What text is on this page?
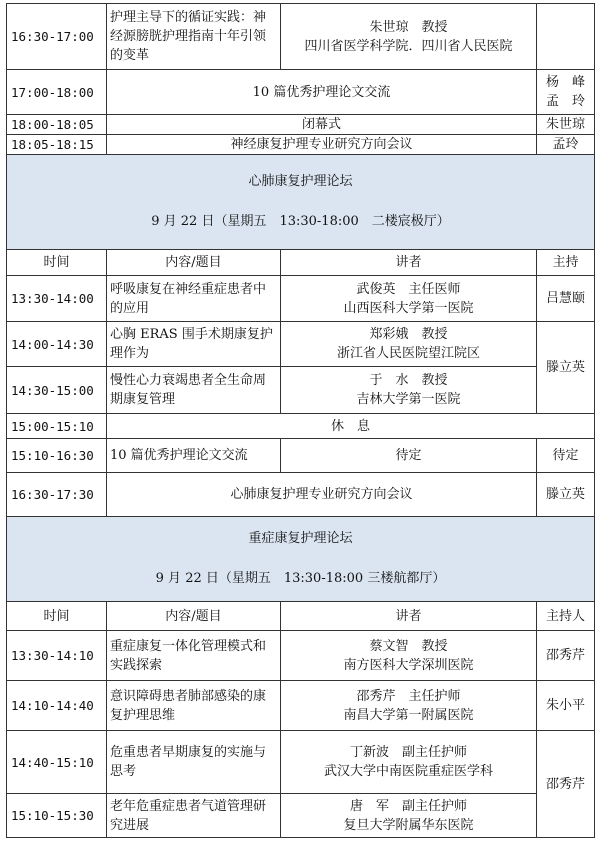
16:30-17:00	护理主导下的循证实践：神经源膀胱护理指南十年引领的变革	朱世琼　教授
四川省医学科学院．四川省人民医院	

17:00-18:00	10 篇优秀护理论文交流		杨　峰
孟　玲

18:00-18:05	闭幕式		朱世琼
18:05-18:15	神经康复护理专业研究方向会议		孟玲

心肺康复护理论坛
9 月 22 日（星期五　13:30-18:00　二楼宸极厅）			

时间	内容/题目	讲者	主持
13:30-14:00	呼吸康复在神经重症患者中的应用	武俊英　主任医师
山西医科大学第一医院	吕慧颐
14:00-14:30	心胸 ERAS 围手术期康复护理作为	郑彩娥　教授
浙江省人民医院望江院区	滕立英
14:30-15:00	慢性心力衰竭患者全生命周期康复管理	于　水　教授
吉林大学第一医院	

15:00-15:10	休　息		
15:10-16:30	10 篇优秀护理论文交流	待定	待定
16:30-17:30	心肺康复护理专业研究方向会议		滕立英

重症康复护理论坛
9 月 22 日（星期五　13:30-18:00 三楼航都厅）			

时间	内容/题目	讲者	主持人
13:30-14:10	重症康复一体化管理模式和实践探索	蔡文智　教授
南方医科大学深圳医院	邵秀芹
14:10-14:40	意识障碍患者肺部感染的康复护理思维	邵秀芹　主任护师
南昌大学第一附属医院	朱小平
14:40-15:10	危重患者早期康复的实施与思考	丁新波　副主任护师
武汉大学中南医院重症医学科	邵秀芹
15:10-15:30	老年危重症患者气道管理研究进展	唐　军　副主任护师
复旦大学附属华东医院	
